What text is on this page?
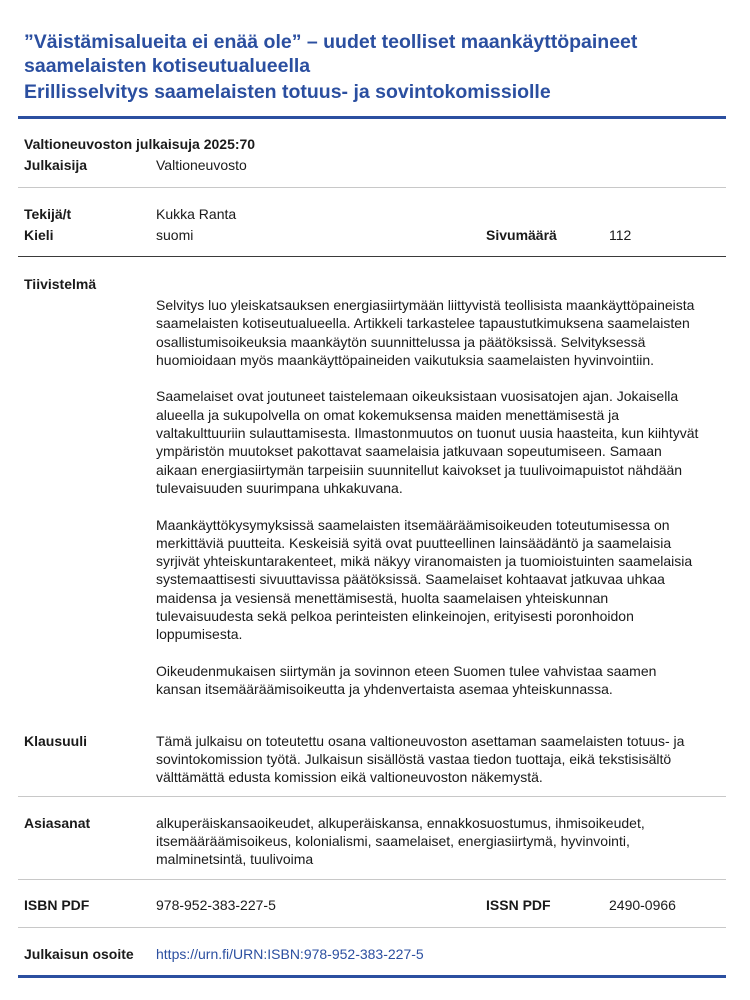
”Väistämisalueita ei enää ole” – uudet teolliset maankäyttöpaineet saamelaisten kotiseutualueella
Erillisselvitys saamelaisten totuus- ja sovintokomissiolle
Valtioneuvoston julkaisuja 2025:70
Julkaisija	Valtioneuvosto
Tekijä/t	Kukka Ranta
Kieli	suomi	Sivumäärä	112
Tiivistelmä

Selvitys luo yleiskatsauksen energiasiirtymään liittyvistä teollisista maankäyttöpaineista saamelaisten kotiseutualueella. Artikkeli tarkastelee tapaustutkimuksena saamelaisten osallistumisoikeuksia maankäytön suunnittelussa ja päätöksissä. Selvityksessä huomioidaan myös maankäyttöpaineiden vaikutuksia saamelaisten hyvinvointiin.

Saamelaiset ovat joutuneet taistelemaan oikeuksistaan vuosisatojen ajan. Jokaisella alueella ja sukupolvella on omat kokemuksensa maiden menettämisestä ja valtakulttuuriin sulauttamisesta. Ilmastonmuutos on tuonut uusia haasteita, kun kiihtyvät ympäristön muutokset pakottavat saamelaisia jatkuvaan sopeutumiseen. Samaan aikaan energiasiirtymän tarpeisiin suunnitellut kaivokset ja tuulivoimapuistot nähdään tulevaisuuden suurimpana uhkakuvana.

Maankäyttökysymyksissä saamelaisten itsemääräämisoikeuden toteutumisessa on merkittäviä puutteita. Keskeisiä syitä ovat puutteellinen lainsäädäntö ja saamelaisia syrjivät yhteiskuntarakenteet, mikä näkyy viranomaisten ja tuomioistuinten saamelaisia systemaattisesti sivuuttavissa päätöksissä. Saamelaiset kohtaavat jatkuvaa uhkaa maidensa ja vesiensä menettämisestä, huolta saamelaisen yhteiskunnan tulevaisuudesta sekä pelkoa perinteisten elinkeinojen, erityisesti poronhoidon loppumisesta.

Oikeudenmukaisen siirtymän ja sovinnon eteen Suomen tulee vahvistaa saamen kansan itsemääräämisoikeutta ja yhdenvertaista asemaa yhteiskunnassa.

Klausuuli	Tämä julkaisu on toteutettu osana valtioneuvoston asettaman saamelaisten totuus- ja sovintokomission työtä. Julkaisun sisällöstä vastaa tiedon tuottaja, eikä tekstisisältö välttämättä edusta komission eikä valtioneuvoston näkemystä.
Asiasanat	alkuperäiskansaoikeudet, alkuperäiskansa, ennakkosuostumus, ihmisoikeudet, itsemääräämisoikeus, kolonialismi, saamelaiset, energiasiirtymä, hyvinvointi, malminetsintä, tuulivoima
ISBN PDF	978-952-383-227-5	ISSN PDF	2490-0966
Julkaisun osoite https://urn.fi/URN:ISBN:978-952-383-227-5
